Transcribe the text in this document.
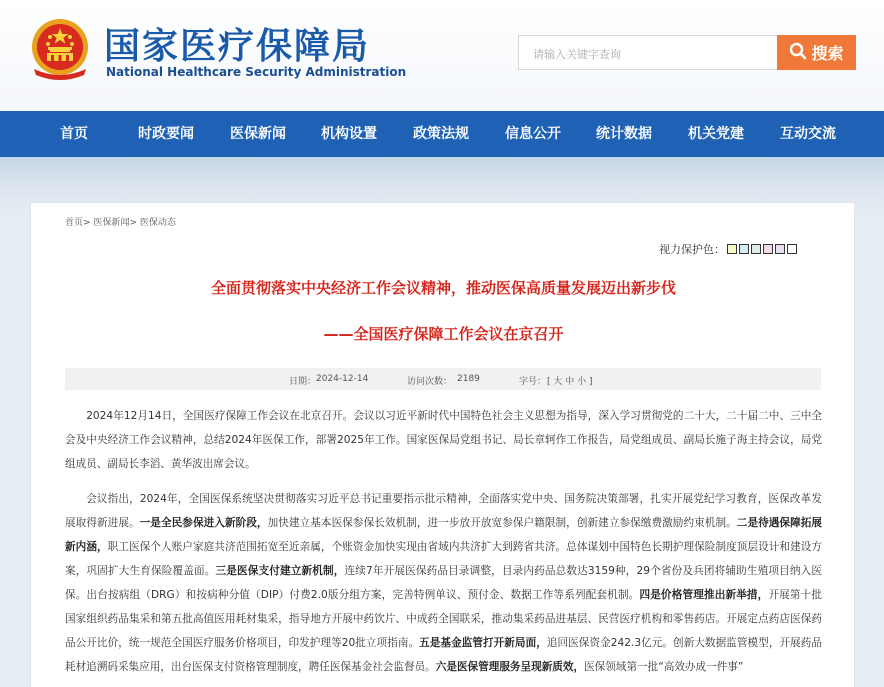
国家医疗保障局
National Healthcare Security Administration
请输入关键字查询	搜索
首页	时政要闻	医保新闻	机构设置	政策法规	信息公开	统计数据	机关党建	互动交流
首页> 医保新闻> 医保动态
视力保护色：
全面贯彻落实中央经济工作会议精神，推动医保高质量发展迈出新步伐
——全国医疗保障工作会议在京召开
日期： 2024-12-14	访问次数： 2189	字号： [ 大 中 小 ]
2024年12月14日，全国医疗保障工作会议在北京召开。会议以习近平新时代中国特色社会主义思想为指导，深入学习贯彻党的二十大，二十届二中、三中全会及中央经济工作会议精神，总结2024年医保工作，部署2025年工作。国家医保局党组书记、局长章轲作工作报告，局党组成员、副局长施子海主持会议，局党组成员、副局长李滔、黄华波出席会议。
会议指出，2024年，全国医保系统坚决贯彻落实习近平总书记重要指示批示精神，全面落实党中央、国务院决策部署，扎实开展党纪学习教育，医保改革发展取得新进展。一是全民参保进入新阶段，加快建立基本医保参保长效机制，进一步放开放宽参保户籍限制，创新建立参保缴费激励约束机制。二是待遇保障拓展新内涵，职工医保个人账户家庭共济范围拓宽至近亲属，个账资金加快实现由省域内共济扩大到跨省共济。总体谋划中国特色长期护理保险制度顶层设计和建设方案，巩固扩大生育保险覆盖面。三是医保支付建立新机制，连续7年开展医保药品目录调整，目录内药品总数达3159种，29个省份及兵团将辅助生殖项目纳入医保。出台按病组（DRG）和按病种分值（DIP）付费2.0版分组方案，完善特例单议、预付金、数据工作等系列配套机制。四是价格管理推出新举措，开展第十批国家组织药品集采和第五批高值医用耗材集采，指导地方开展中药饮片、中成药全国联采，推动集采药品进基层、民营医疗机构和零售药店。开展定点药店医保药品公开比价，统一规范全国医疗服务价格项目，印发护理等20批立项指南。五是基金监管打开新局面，追回医保资金242.3亿元。创新大数据监管模型，开展药品耗材追溯码采集应用，出台医保支付资格管理制度，聘任医保基金社会监督员。六是医保管理服务呈现新质效，医保领域第一批“高效办成一件事”
